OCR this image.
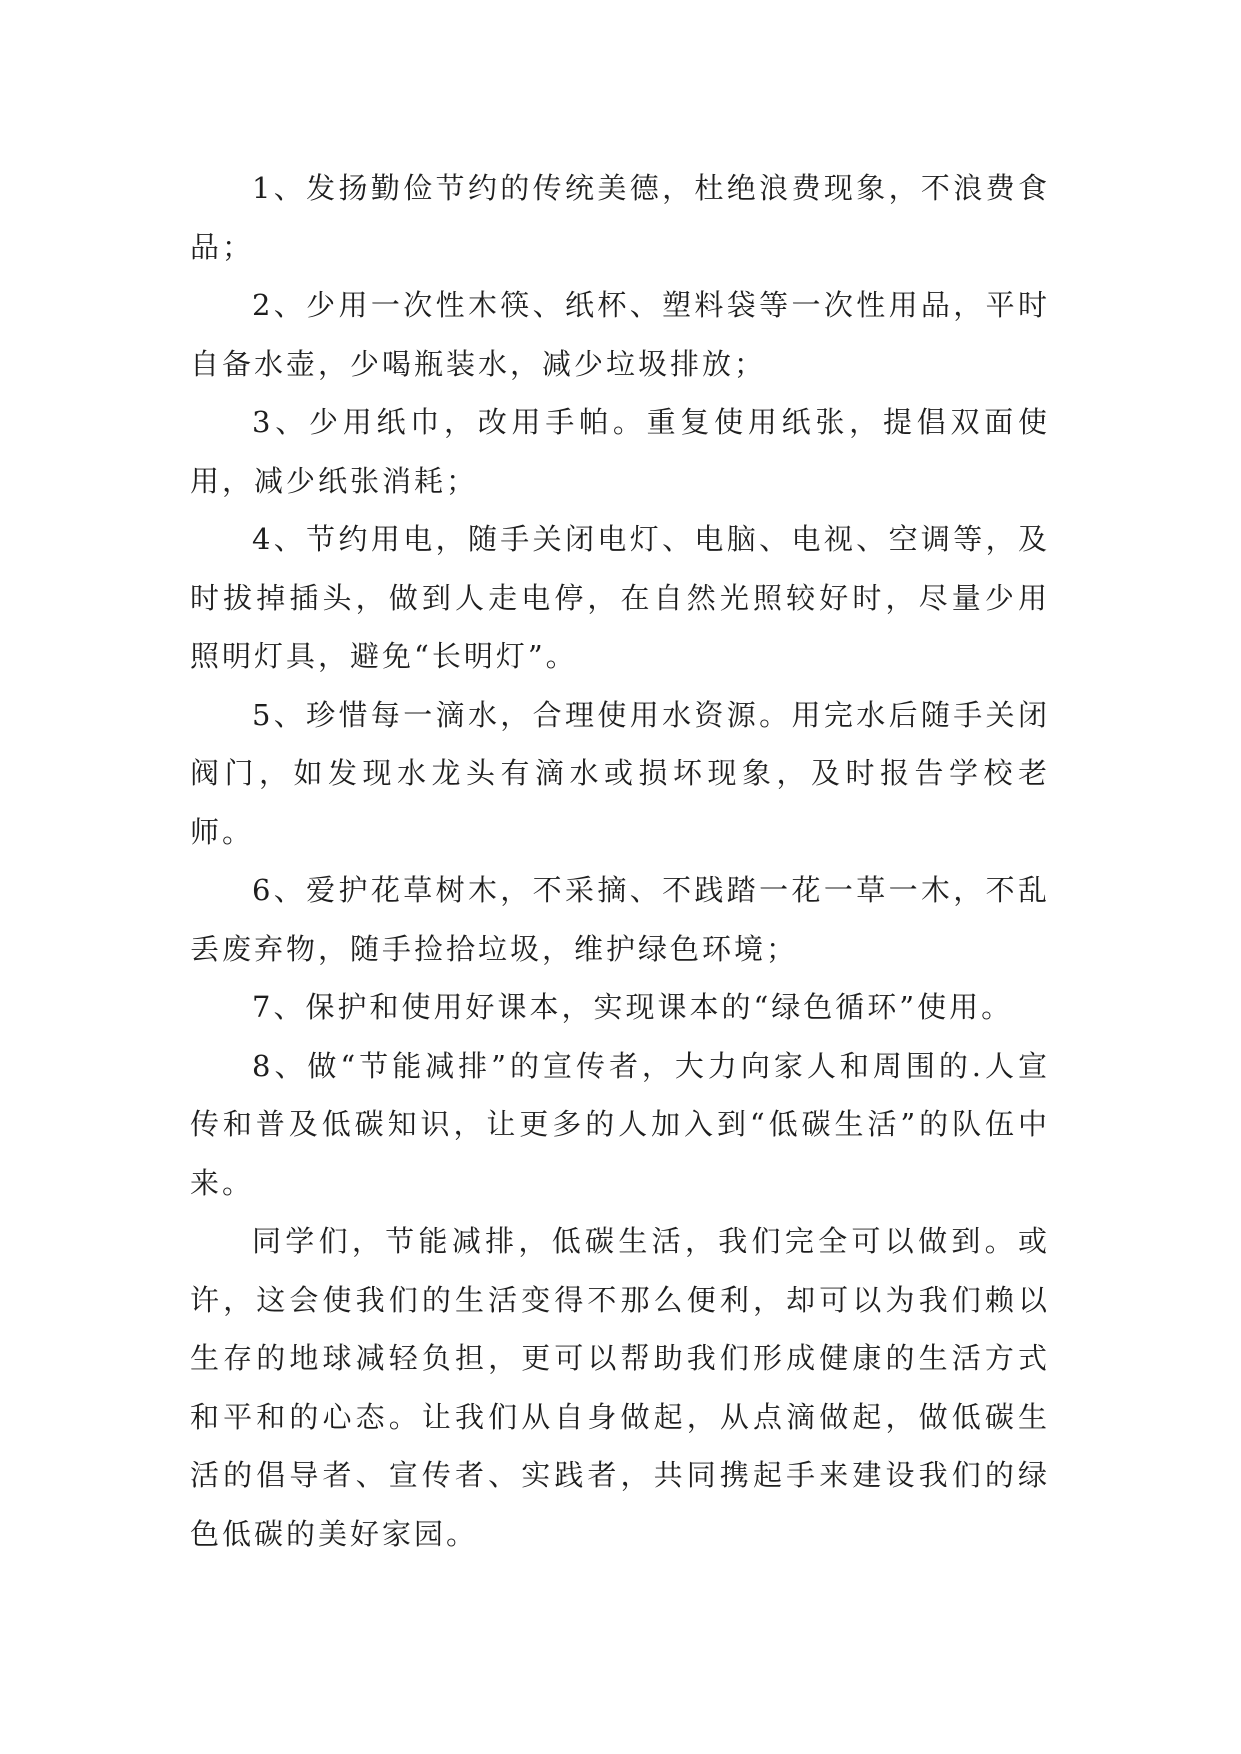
1、发扬勤俭节约的传统美德，杜绝浪费现象，不浪费食品；

2、少用一次性木筷、纸杯、塑料袋等一次性用品，平时自备水壶，少喝瓶装水，减少垃圾排放；

3、少用纸巾，改用手帕。重复使用纸张，提倡双面使用，减少纸张消耗；

4、节约用电，随手关闭电灯、电脑、电视、空调等，及时拔掉插头，做到人走电停，在自然光照较好时，尽量少用照明灯具，避免“长明灯”。

5、珍惜每一滴水，合理使用水资源。用完水后随手关闭阀门，如发现水龙头有滴水或损坏现象，及时报告学校老师。

6、爱护花草树木，不采摘、不践踏一花一草一木，不乱丢废弃物，随手捡拾垃圾，维护绿色环境；

7、保护和使用好课本，实现课本的“绿色循环”使用。

8、做“节能减排”的宣传者，大力向家人和周围的.人宣传和普及低碳知识，让更多的人加入到“低碳生活”的队伍中来。

同学们，节能减排，低碳生活，我们完全可以做到。或许，这会使我们的生活变得不那么便利，却可以为我们赖以生存的地球减轻负担，更可以帮助我们形成健康的生活方式和平和的心态。让我们从自身做起，从点滴做起，做低碳生活的倡导者、宣传者、实践者，共同携起手来建设我们的绿色低碳的美好家园。
